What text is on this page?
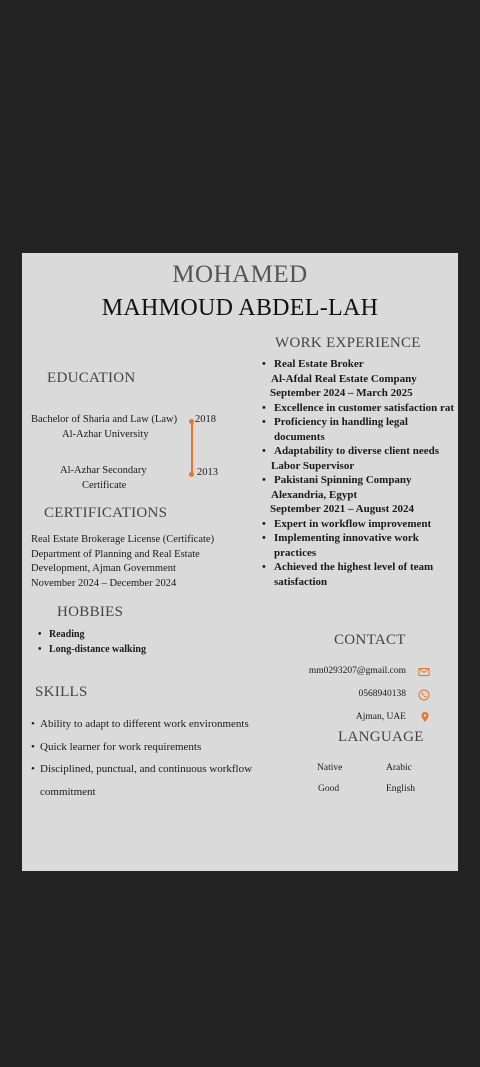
MOHAMED
MAHMOUD ABDEL-LAH
EDUCATION
Bachelor of Sharia and Law (Law)
Al-Azhar University
Al-Azhar Secondary
Certificate
2018
2013
CERTIFICATIONS
Real Estate Brokerage License (Certificate)
Department of Planning and Real Estate
Development, Ajman Government
November 2024 – December 2024
HOBBIES
• Reading
• Long-distance walking
SKILLS
• Ability to adapt to different work environments
• Quick learner for work requirements
• Disciplined, punctual, and continuous workflow commitment
WORK EXPERIENCE
• Real Estate Broker
Al-Afdal Real Estate Company
September 2024 – March 2025
• Excellence in customer satisfaction rat
• Proficiency in handling legal documents
• Adaptability to diverse client needs
Labor Supervisor
• Pakistani Spinning Company
Alexandria, Egypt
September 2021 – August 2024
• Expert in workflow improvement
• Implementing innovative work practices
• Achieved the highest level of team satisfaction
CONTACT
mm0293207@gmail.com
0568940138
Ajman, UAE
LANGUAGE
Native	Arabic
Good	English
